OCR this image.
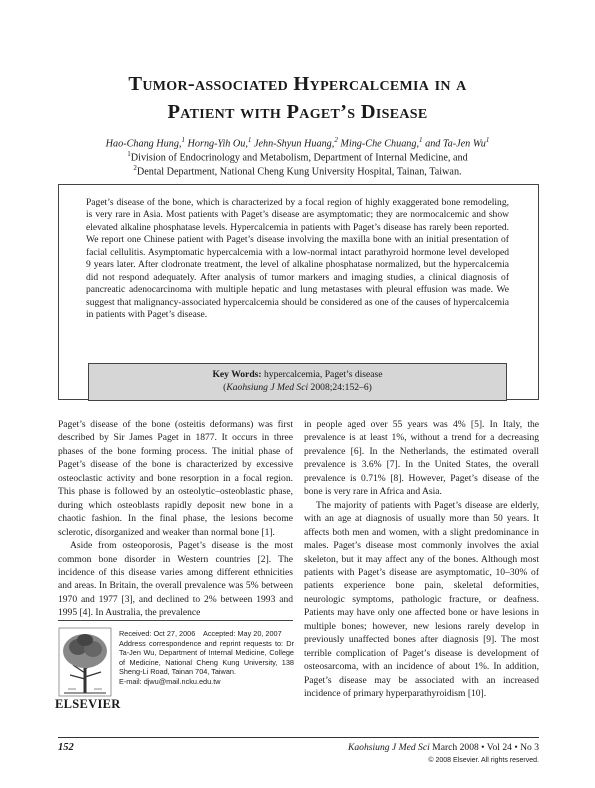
Tumor-associated Hypercalcemia in a
Patient with Paget’s Disease
Hao-Chang Hung,$^1$ Horng-Yih Ou,$^1$ Jehn-Shyun Huang,$^2$ Ming-Che Chuang,$^1$ and Ta-Jen Wu$^1$
$^1$Division of Endocrinology and Metabolism, Department of Internal Medicine, and
$^2$Dental Department, National Cheng Kung University Hospital, Tainan, Taiwan.

Paget’s disease of the bone, which is characterized by a focal region of highly exaggerated bone remodeling, is very rare in Asia. Most patients with Paget’s disease are asymptomatic; they are normocalcemic and show elevated alkaline phosphatase levels. Hypercalcemia in patients with Paget’s disease has rarely been reported. We report one Chinese patient with Paget’s disease involving the maxilla bone with an initial presentation of facial cellulitis. Asymptomatic hypercalcemia with a low-normal intact parathyroid hormone level developed 9 years later. After clodronate treatment, the level of alkaline phosphatase normalized, but the hypercalcemia did not respond adequately. After analysis of tumor markers and imaging studies, a clinical diagnosis of pancreatic adenocarcinoma with multiple hepatic and lung metastases with pleural effusion was made. We suggest that malignancy-associated hypercalcemia should be considered as one of the causes of hypercalcemia in patients with Paget’s disease.

Key Words: hypercalcemia, Paget’s disease
(Kaohsiung J Med Sci 2008;24:152–6)

Paget’s disease of the bone (osteitis deformans) was first described by Sir James Paget in 1877. It occurs in three phases of the bone forming process. The initial phase of Paget’s disease of the bone is characterized by excessive osteoclastic activity and bone resorption in a focal region. This phase is followed by an osteolytic–osteoblastic phase, during which osteoblasts rapidly deposit new bone in a chaotic fashion. In the final phase, the lesions become sclerotic, disorganized and weaker than normal bone [1].

Aside from osteoporosis, Paget’s disease is the most common bone disorder in Western countries [2]. The incidence of this disease varies among different ethnicities and areas. In Britain, the overall prevalence was 5% between 1970 and 1977 [3], and declined to 2% between 1993 and 1995 [4]. In Australia, the prevalence

in people aged over 55 years was 4% [5]. In Italy, the prevalence is at least 1%, without a trend for a decreasing prevalence [6]. In the Netherlands, the estimated overall prevalence is 3.6% [7]. In the United States, the overall prevalence is 0.71% [8]. However, Paget’s disease of the bone is very rare in Africa and Asia.

The majority of patients with Paget’s disease are elderly, with an age at diagnosis of usually more than 50 years. It affects both men and women, with a slight predominance in males. Paget’s disease most commonly involves the axial skeleton, but it may affect any of the bones. Although most patients with Paget’s disease are asymptomatic, 10–30% of patients experience bone pain, skeletal deformities, neurologic symptoms, pathologic fracture, or deafness. Patients may have only one affected bone or have lesions in multiple bones; however, new lesions rarely develop in previously unaffected bones after diagnosis [9]. The most terrible complication of Paget’s disease is development of osteosarcoma, with an incidence of about 1%. In addition, Paget’s disease may be associated with an increased incidence of primary hyperparathyroidism [10].

ELSEVIER

Received: Oct 27, 2006    Accepted: May 20, 2007

Address correspondence and reprint requests to: Dr Ta-Jen Wu, Department of Internal Medicine, College of Medicine, National Cheng Kung University, 138 Sheng-Li Road, Tainan 704, Taiwan.

E-mail: djwu@mail.ncku.edu.tw

152	Kaohsiung J Med Sci March 2008 • Vol 24 • No 3
© 2008 Elsevier. All rights reserved.
